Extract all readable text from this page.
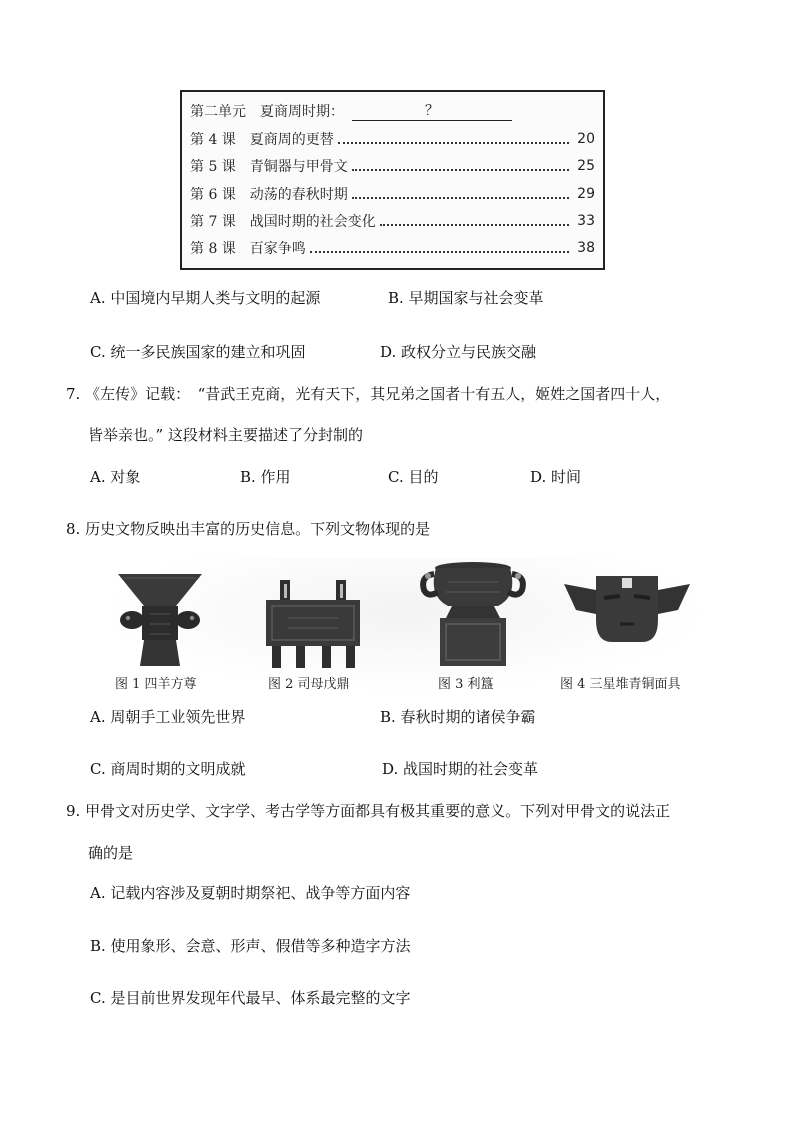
第二单元　夏商周时期：	？
第 4 课　夏商周的更替	20
第 5 课　青铜器与甲骨文	25
第 6 课　动荡的春秋时期	29
第 7 课　战国时期的社会变化	33
第 8 课　百家争鸣	38
A. 中国境内早期人类与文明的起源	B. 早期国家与社会变革
C. 统一多民族国家的建立和巩固	D. 政权分立与民族交融
7. 《左传》记载：　“昔武王克商，光有天下，其兄弟之国者十有五人，姬姓之国者四十人，
皆举亲也。” 这段材料主要描述了分封制的
A. 对象	B. 作用	C. 目的	D. 时间
8. 历史文物反映出丰富的历史信息。下列文物体现的是
图 1 四羊方尊	图 2 司母戊鼎	图 3 利簋	图 4 三星堆青铜面具
A. 周朝手工业领先世界	B. 春秋时期的诸侯争霸
C. 商周时期的文明成就	D. 战国时期的社会变革
9. 甲骨文对历史学、文字学、考古学等方面都具有极其重要的意义。下列对甲骨文的说法正
确的是
A. 记载内容涉及夏朝时期祭祀、战争等方面内容
B. 使用象形、会意、形声、假借等多种造字方法
C. 是目前世界发现年代最早、体系最完整的文字
